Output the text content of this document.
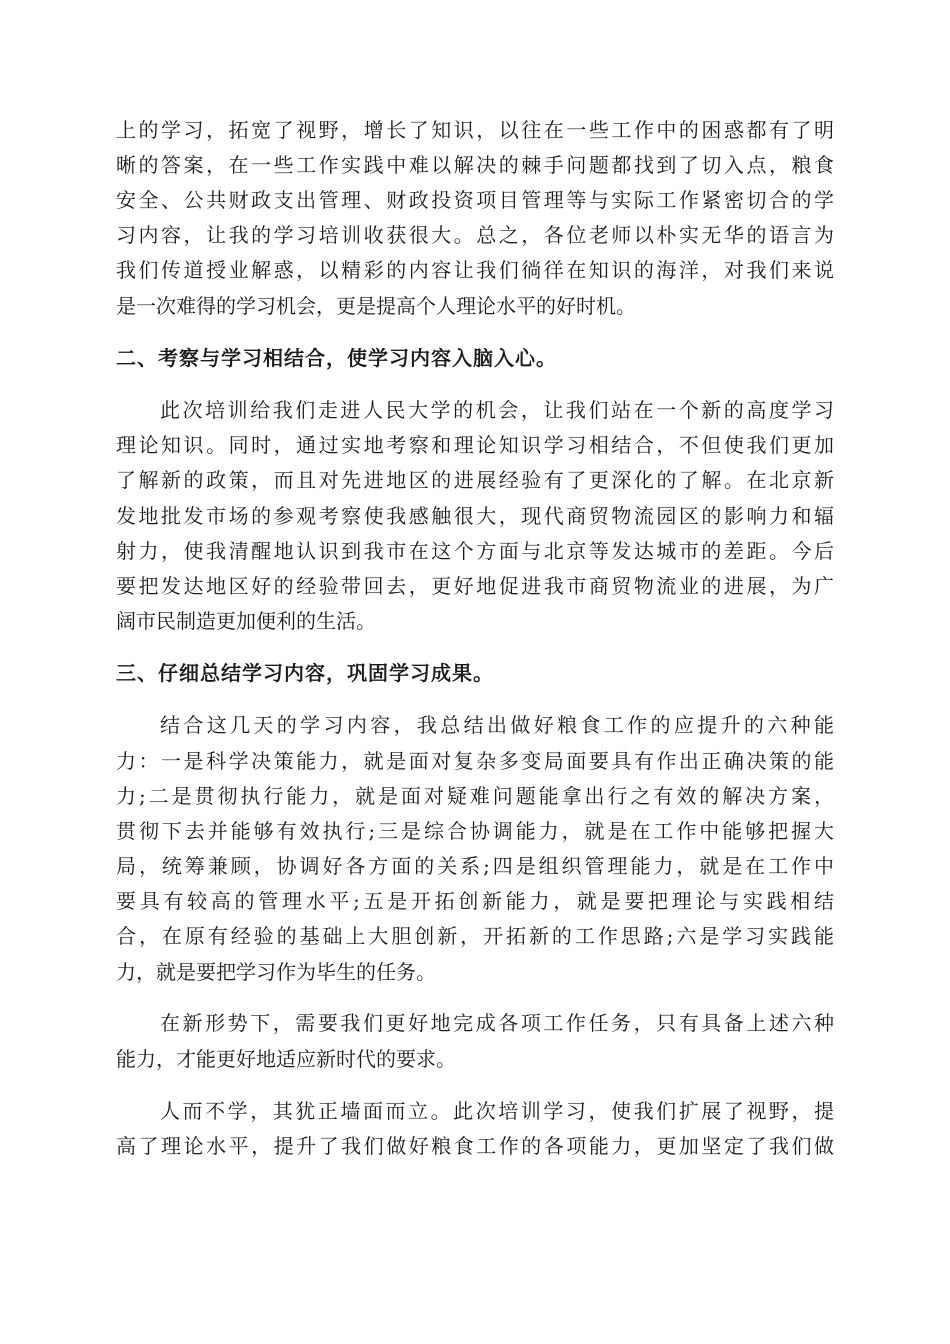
上的学习，拓宽了视野，增长了知识，以往在一些工作中的困惑都有了明
晰的答案，在一些工作实践中难以解决的棘手问题都找到了切入点，粮食
安全、公共财政支出管理、财政投资项目管理等与实际工作紧密切合的学
习内容，让我的学习培训收获很大。总之，各位老师以朴实无华的语言为
我们传道授业解惑，以精彩的内容让我们徜徉在知识的海洋，对我们来说
是一次难得的学习机会，更是提高个人理论水平的好时机。
二、考察与学习相结合，使学习内容入脑入心。
此次培训给我们走进人民大学的机会，让我们站在一个新的高度学习
理论知识。同时，通过实地考察和理论知识学习相结合，不但使我们更加
了解新的政策，而且对先进地区的进展经验有了更深化的了解。在北京新
发地批发市场的参观考察使我感触很大，现代商贸物流园区的影响力和辐
射力，使我清醒地认识到我市在这个方面与北京等发达城市的差距。今后
要把发达地区好的经验带回去，更好地促进我市商贸物流业的进展，为广
阔市民制造更加便利的生活。
三、仔细总结学习内容，巩固学习成果。
结合这几天的学习内容，我总结出做好粮食工作的应提升的六种能
力：一是科学决策能力，就是面对复杂多变局面要具有作出正确决策的能
力;二是贯彻执行能力，就是面对疑难问题能拿出行之有效的解决方案，
贯彻下去并能够有效执行;三是综合协调能力，就是在工作中能够把握大
局，统筹兼顾，协调好各方面的关系;四是组织管理能力，就是在工作中
要具有较高的管理水平;五是开拓创新能力，就是要把理论与实践相结
合，在原有经验的基础上大胆创新，开拓新的工作思路;六是学习实践能
力，就是要把学习作为毕生的任务。
在新形势下，需要我们更好地完成各项工作任务，只有具备上述六种
能力，才能更好地适应新时代的要求。
人而不学，其犹正墙面而立。此次培训学习，使我们扩展了视野，提
高了理论水平，提升了我们做好粮食工作的各项能力，更加坚定了我们做
